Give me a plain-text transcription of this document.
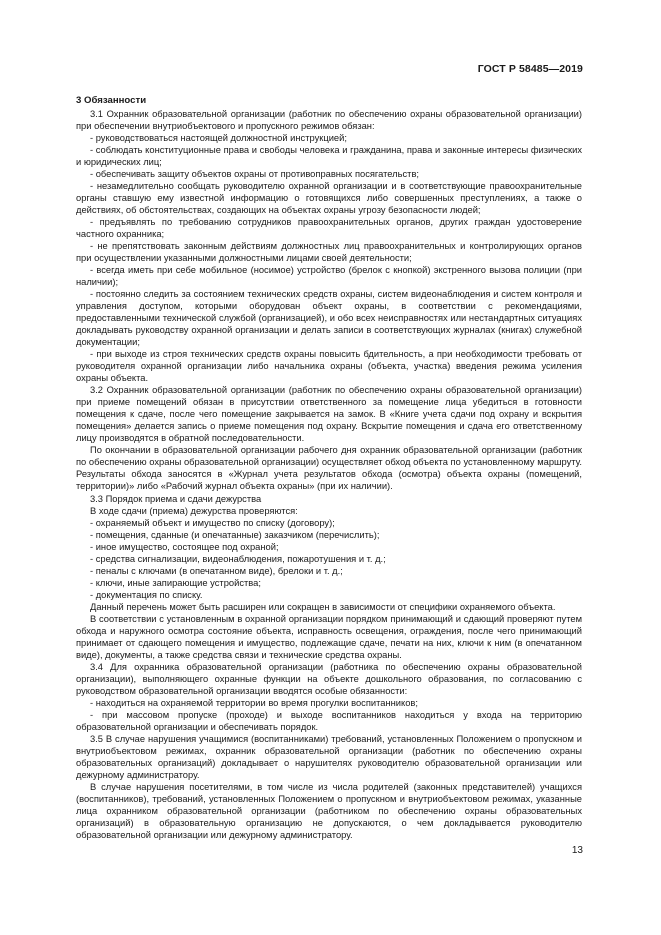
ГОСТ Р 58485—2019
3 Обязанности

3.1 Охранник образовательной организации (работник по обеспечению охраны образовательной организации) при обеспечении внутриобъектового и пропускного режимов обязан:

- руководствоваться настоящей должностной инструкцией;

- соблюдать конституционные права и свободы человека и гражданина, права и законные интересы физических и юридических лиц;

- обеспечивать защиту объектов охраны от противоправных посягательств;

- незамедлительно сообщать руководителю охранной организации и в соответствующие правоохранительные органы ставшую ему известной информацию о готовящихся либо совершенных преступлениях, а также о действиях, об обстоятельствах, создающих на объектах охраны угрозу безопасности людей;

- предъявлять по требованию сотрудников правоохранительных органов, других граждан удостоверение частного охранника;

- не препятствовать законным действиям должностных лиц правоохранительных и контролирующих органов при осуществлении указанными должностными лицами своей деятельности;

- всегда иметь при себе мобильное (носимое) устройство (брелок с кнопкой) экстренного вызова полиции (при наличии);

- постоянно следить за состоянием технических средств охраны, систем видеонаблюдения и систем контроля и управления доступом, которыми оборудован объект охраны, в соответствии с рекомендациями, предоставленными технической службой (организацией), и обо всех неисправностях или нестандартных ситуациях докладывать руководству охранной организации и делать записи в соответствующих журналах (книгах) служебной документации;

- при выходе из строя технических средств охраны повысить бдительность, а при необходимости требовать от руководителя охранной организации либо начальника охраны (объекта, участка) введения режима усиления охраны объекта.

3.2 Охранник образовательной организации (работник по обеспечению охраны образовательной организации) при приеме помещений обязан в присутствии ответственного за помещение лица убедиться в готовности помещения к сдаче, после чего помещение закрывается на замок. В «Книге учета сдачи под охрану и вскрытия помещения» делается запись о приеме помещения под охрану. Вскрытие помещения и сдача его ответственному лицу производятся в обратной последовательности.

По окончании в образовательной организации рабочего дня охранник образовательной организации (работник по обеспечению охраны образовательной организации) осуществляет обход объекта по установленному маршруту. Результаты обхода заносятся в «Журнал учета результатов обхода (осмотра) объекта охраны (помещений, территории)» либо «Рабочий журнал объекта охраны» (при их наличии).

3.3 Порядок приема и сдачи дежурства

В ходе сдачи (приема) дежурства проверяются:

- охраняемый объект и имущество по списку (договору);

- помещения, сданные (и опечатанные) заказчиком (перечислить);

- иное имущество, состоящее под охраной;

- средства сигнализации, видеонаблюдения, пожаротушения и т. д.;

- пеналы с ключами (в опечатанном виде), брелоки и т. д.;

- ключи, иные запирающие устройства;

- документация по списку.

Данный перечень может быть расширен или сокращен в зависимости от специфики охраняемого объекта.

В соответствии с установленным в охранной организации порядком принимающий и сдающий проверяют путем обхода и наружного осмотра состояние объекта, исправность освещения, ограждения, после чего принимающий принимает от сдающего помещения и имущество, подлежащие сдаче, печати на них, ключи к ним (в опечатанном виде), документы, а также средства связи и технические средства охраны.

3.4 Для охранника образовательной организации (работника по обеспечению охраны образовательной организации), выполняющего охранные функции на объекте дошкольного образования, по согласованию с руководством образовательной организации вводятся особые обязанности:

- находиться на охраняемой территории во время прогулки воспитанников;

- при массовом пропуске (проходе) и выходе воспитанников находиться у входа на территорию образовательной организации и обеспечивать порядок.

3.5 В случае нарушения учащимися (воспитанниками) требований, установленных Положением о пропускном и внутриобъектовом режимах, охранник образовательной организации (работник по обеспечению охраны образовательных организаций) докладывает о нарушителях руководителю образовательной организации или дежурному администратору.

В случае нарушения посетителями, в том числе из числа родителей (законных представителей) учащихся (воспитанников), требований, установленных Положением о пропускном и внутриобъектовом режимах, указанные лица охранником образовательной организации (работником по обеспечению охраны образовательных организаций) в образовательную организацию не допускаются, о чем докладывается руководителю образовательной организации или дежурному администратору.

13
